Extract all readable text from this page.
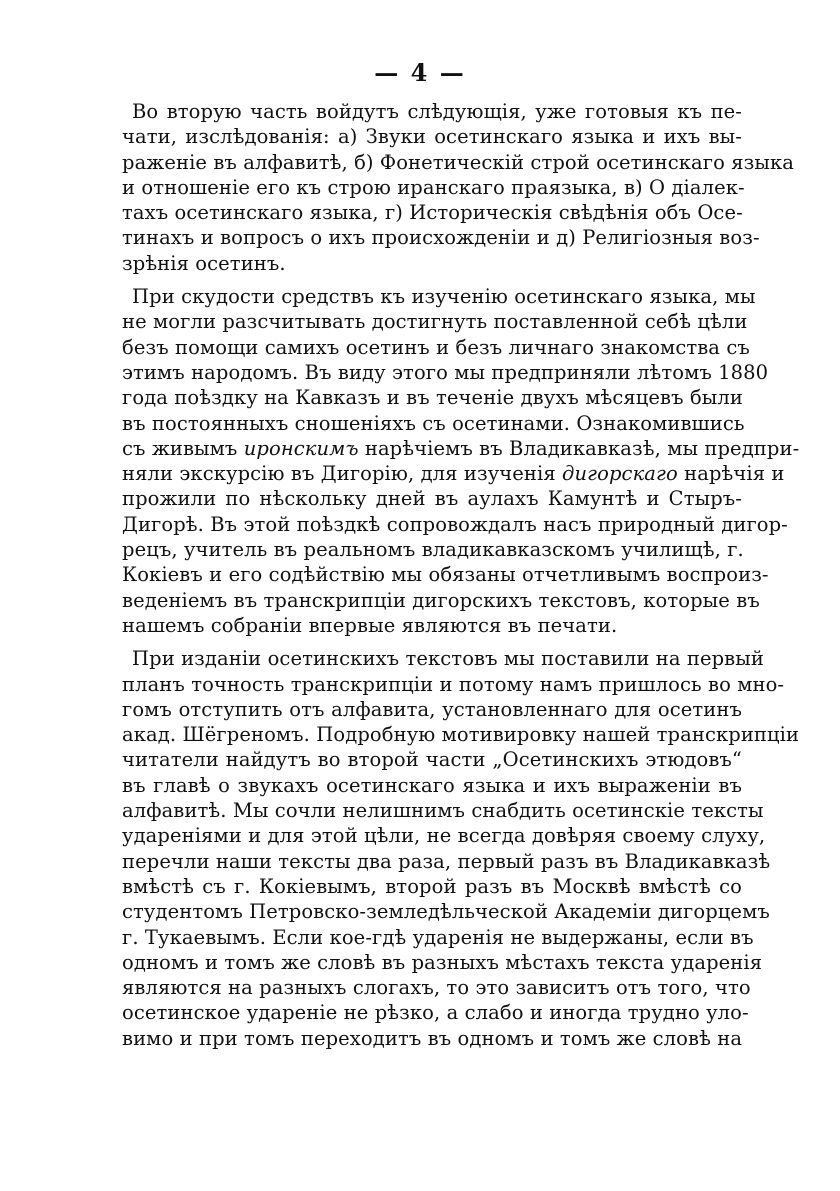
— 4 —
Во вторую часть войдутъ слѣдующія, уже готовыя къ пе-
чати, изслѣдованія: а) Звуки осетинскаго языка и ихъ вы-
раженіе въ алфавитѣ, б) Фонетическій строй осетинскаго языка
и отношеніе его къ строю иранскаго праязыка, в) О діалек-
тахъ осетинскаго языка, г) Историческія свѣдѣнія объ Осе-
тинахъ и вопросъ о ихъ происхожденіи и д) Религіозныя воз-
зрѣнія осетинъ.
При скудости средствъ къ изученію осетинскаго языка, мы
не могли разсчитывать достигнуть поставленной себѣ цѣли
безъ помощи самихъ осетинъ и безъ личнаго знакомства съ
этимъ народомъ. Въ виду этого мы предприняли лѣтомъ 1880
года поѣздку на Кавказъ и въ теченіе двухъ мѣсяцевъ были
въ постоянныхъ сношеніяхъ съ осетинами. Ознакомившись
съ живымъ иронскимъ нарѣчіемъ въ Владикавказѣ, мы предпри-
няли экскурсію въ Дигорію, для изученія дигорскаго нарѣчія и
прожили по нѣскольку дней въ аулахъ Камунтѣ и Стыръ-
Дигорѣ. Въ этой поѣздкѣ сопровождалъ насъ природный дигор-
рецъ, учитель въ реальномъ владикавказскомъ училищѣ, г.
Кокіевъ и его содѣйствію мы обязаны отчетливымъ воспроиз-
веденіемъ въ транскрипціи дигорскихъ текстовъ, которые въ
нашемъ собраніи впервые являются въ печати.
При изданіи осетинскихъ текстовъ мы поставили на первый
планъ точность транскрипціи и потому намъ пришлось во мно-
гомъ отступить отъ алфавита, установленнаго для осетинъ
акад. Шёгреномъ. Подробную мотивировку нашей транскрипціи
читатели найдутъ во второй части „Осетинскихъ этюдовъ“
въ главѣ о звукахъ осетинскаго языка и ихъ выраженіи въ
алфавитѣ. Мы сочли нелишнимъ снабдить осетинскіе тексты
удареніями и для этой цѣли, не всегда довѣряя своему слуху,
перечли наши тексты два раза, первый разъ въ Владикавказѣ
вмѣстѣ съ г. Кокіевымъ, второй разъ въ Москвѣ вмѣстѣ со
студентомъ Петровско-земледѣльческой Академіи дигорцемъ
г. Тукаевымъ. Если кое-гдѣ ударенія не выдержаны, если въ
одномъ и томъ же словѣ въ разныхъ мѣстахъ текста ударенія
являются на разныхъ слогахъ, то это зависитъ отъ того, что
осетинское удареніе не рѣзко, а слабо и иногда трудно уло-
вимо и при томъ переходитъ въ одномъ и томъ же словѣ на
